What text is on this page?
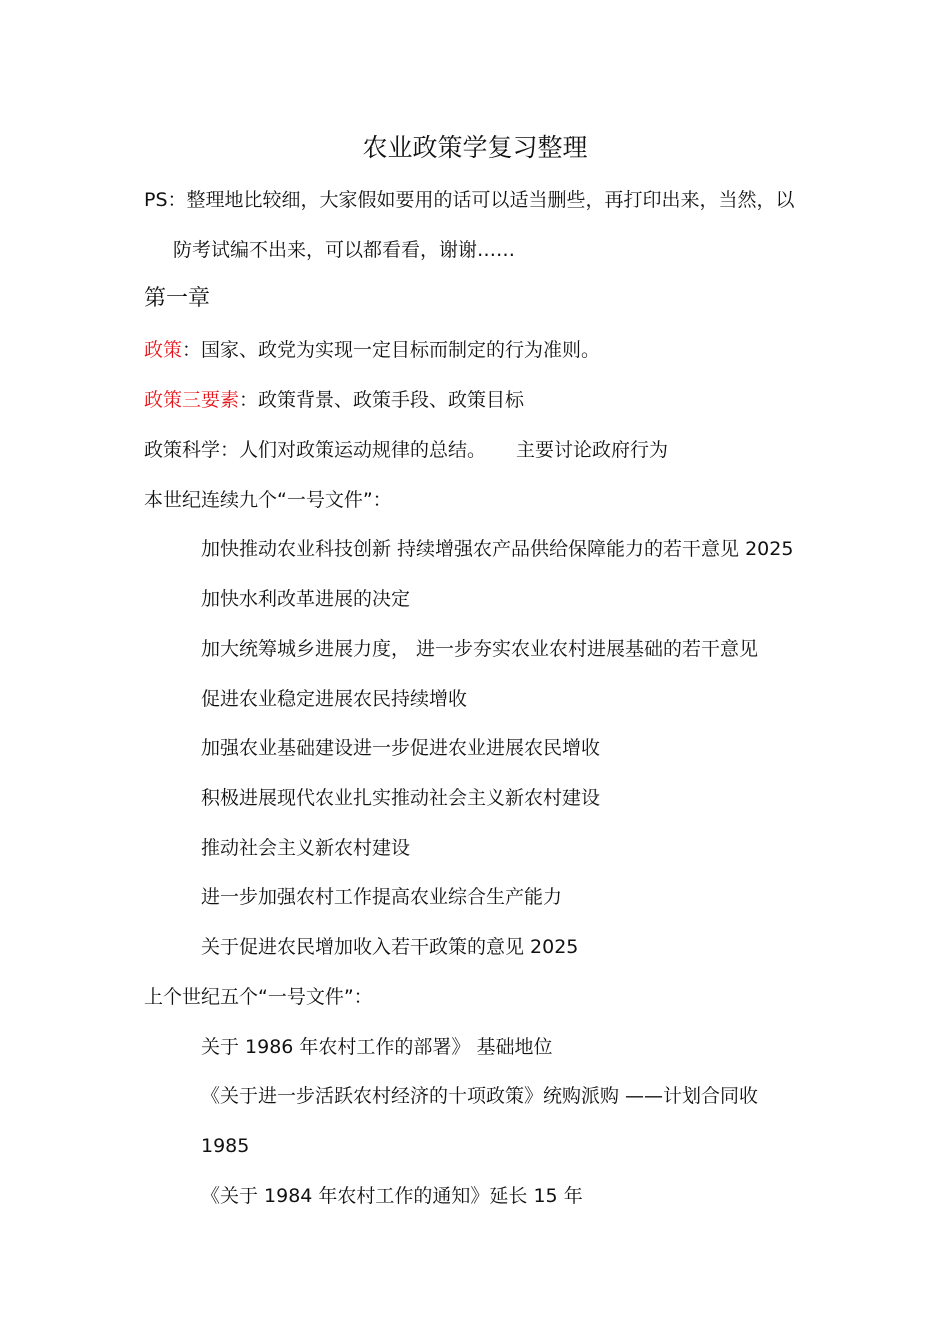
农业政策学复习整理
PS：整理地比较细，大家假如要用的话可以适当删些，再打印出来，当然，以
防考试编不出来，可以都看看，谢谢……
第一章
政策：国家、政党为实现一定目标而制定的行为准则。
政策三要素：政策背景、政策手段、政策目标
政策科学：人们对政策运动规律的总结。 主要讨论政府行为
本世纪连续九个“一号文件”：
加快推动农业科技创新 持续增强农产品供给保障能力的若干意见 2025
加快水利改革进展的决定
加大统筹城乡进展力度， 进一步夯实农业农村进展基础的若干意见
促进农业稳定进展农民持续增收
加强农业基础建设进一步促进农业进展农民增收
积极进展现代农业扎实推动社会主义新农村建设
推动社会主义新农村建设
进一步加强农村工作提高农业综合生产能力
关于促进农民增加收入若干政策的意见 2025
上个世纪五个“一号文件”：
关于 1986 年农村工作的部署》 基础地位
《关于进一步活跃农村经济的十项政策》统购派购 ——计划合同收
1985
《关于 1984 年农村工作的通知》延长 15 年
